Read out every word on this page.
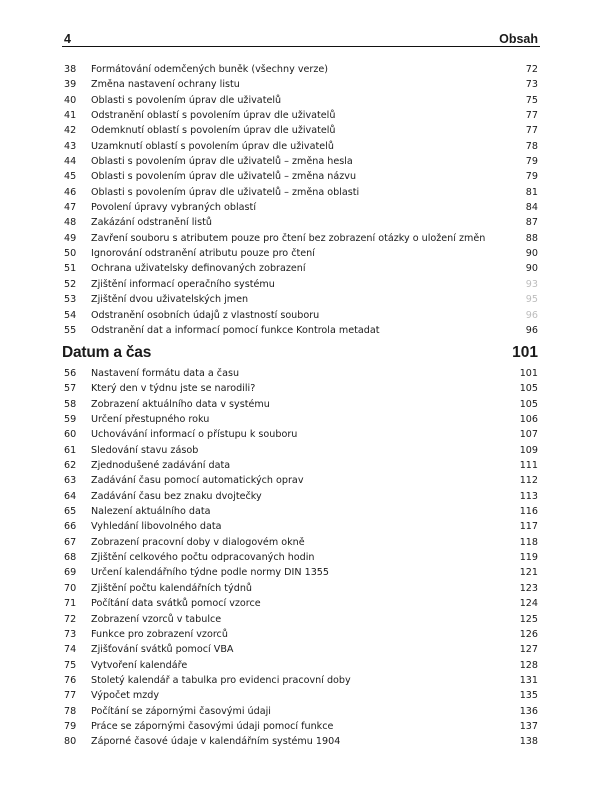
4	Obsah
38 Formátování odemčených buněk (všechny verze)	72
39 Změna nastavení ochrany listu	73
40 Oblasti s povolením úprav dle uživatelů	75
41 Odstranění oblastí s povolením úprav dle uživatelů	77
42 Odemknutí oblastí s povolením úprav dle uživatelů	77
43 Uzamknutí oblastí s povolením úprav dle uživatelů	78
44 Oblasti s povolením úprav dle uživatelů – změna hesla	79
45 Oblasti s povolením úprav dle uživatelů – změna názvu	79
46 Oblasti s povolením úprav dle uživatelů – změna oblasti	81
47 Povolení úpravy vybraných oblastí	84
48 Zakázání odstranění listů	87
49 Zavření souboru s atributem pouze pro čtení bez zobrazení otázky o uložení změn	88
50 Ignorování odstranění atributu pouze pro čtení	90
51 Ochrana uživatelsky definovaných zobrazení	90
52 Zjištění informací operačního systému	93
53 Zjištění dvou uživatelských jmen	95
54 Odstranění osobních údajů z vlastností souboru	96
55 Odstranění dat a informací pomocí funkce Kontrola metadat	96
Datum a čas	101
56 Nastavení formátu data a času	101
57 Který den v týdnu jste se narodili?	105
58 Zobrazení aktuálního data v systému	105
59 Určení přestupného roku	106
60 Uchovávání informací o přístupu k souboru	107
61 Sledování stavu zásob	109
62 Zjednodušené zadávání data	111
63 Zadávání času pomocí automatických oprav	112
64 Zadávání času bez znaku dvojtečky	113
65 Nalezení aktuálního data	116
66 Vyhledání libovolného data	117
67 Zobrazení pracovní doby v dialogovém okně	118
68 Zjištění celkového počtu odpracovaných hodin	119
69 Určení kalendářního týdne podle normy DIN 1355	121
70 Zjištění počtu kalendářních týdnů	123
71 Počítání data svátků pomocí vzorce	124
72 Zobrazení vzorců v tabulce	125
73 Funkce pro zobrazení vzorců	126
74 Zjišťování svátků pomocí VBA	127
75 Vytvoření kalendáře	128
76 Stoletý kalendář a tabulka pro evidenci pracovní doby	131
77 Výpočet mzdy	135
78 Počítání se zápornými časovými údaji	136
79 Práce se zápornými časovými údaji pomocí funkce	137
80 Záporné časové údaje v kalendářním systému 1904	138
